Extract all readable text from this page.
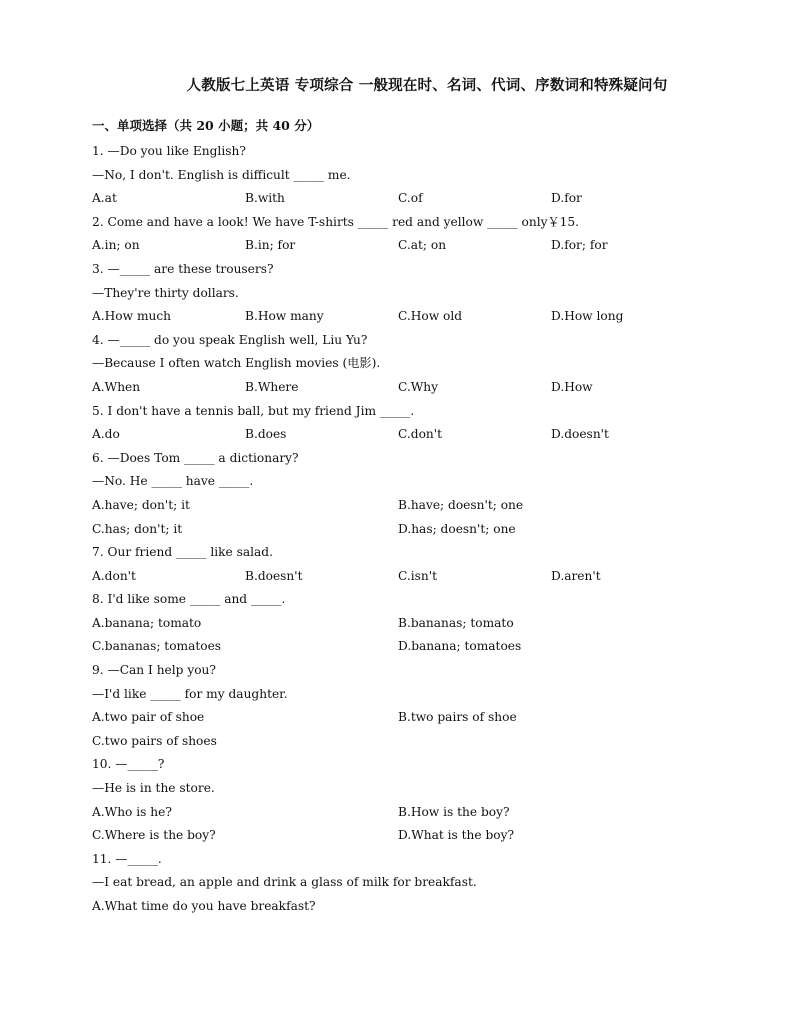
人教版七上英语 专项综合 一般现在时、名词、代词、序数词和特殊疑问句
一、单项选择（共 20 小题；共 40 分）
1. —Do you like English?
—No, I don't. English is difficult _____ me.
A.at	B.with	C.of	D.for
2. Come and have a look! We have T-shirts _____ red and yellow _____ only￥15.
A.in; on	B.in; for	C.at; on	D.for; for
3. —_____ are these trousers?
—They're thirty dollars.
A.How much	B.How many	C.How old	D.How long
4. —_____ do you speak English well, Liu Yu?
—Because I often watch English movies (电影).
A.When	B.Where	C.Why	D.How
5. I don't have a tennis ball, but my friend Jim _____.
A.do	B.does	C.don't	D.doesn't
6. —Does Tom _____ a dictionary?
—No. He _____ have _____.
A.have; don't; it	B.have; doesn't; one
C.has; don't; it	D.has; doesn't; one
7. Our friend _____ like salad.
A.don't	B.doesn't	C.isn't	D.aren't
8. I'd like some _____ and _____.
A.banana; tomato	B.bananas; tomato
C.bananas; tomatoes	D.banana; tomatoes
9. —Can I help you?
—I'd like _____ for my daughter.
A.two pair of shoe	B.two pairs of shoe
C.two pairs of shoes
10. —_____?
—He is in the store.
A.Who is he?	B.How is the boy?
C.Where is the boy?	D.What is the boy?
11. —_____.
—I eat bread, an apple and drink a glass of milk for breakfast.
A.What time do you have breakfast?
